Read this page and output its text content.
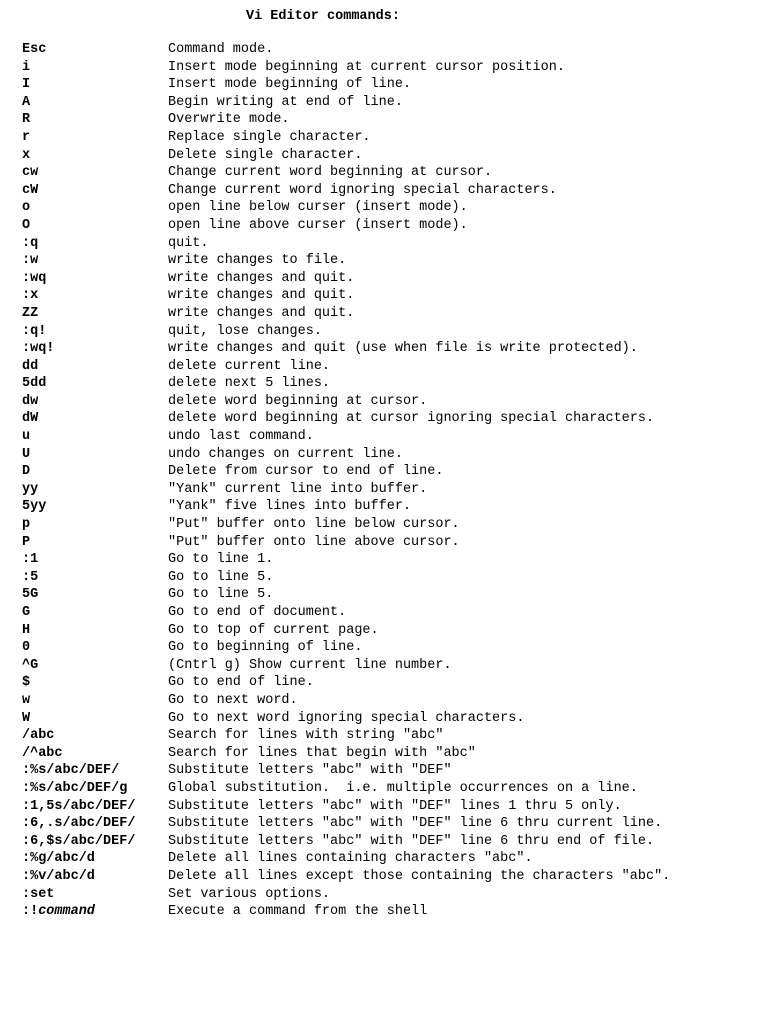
Vi Editor commands:
Esc	Command mode.
i	Insert mode beginning at current cursor position.
I	Insert mode beginning of line.
A	Begin writing at end of line.
R	Overwrite mode.
r	Replace single character.
x	Delete single character.
cw	Change current word beginning at cursor.
cW	Change current word ignoring special characters.
o	open line below curser (insert mode).
O	open line above curser (insert mode).
:q	quit.
:w	write changes to file.
:wq	write changes and quit.
:x	write changes and quit.
ZZ	write changes and quit.
:q!	quit, lose changes.
:wq!	write changes and quit (use when file is write protected).
dd	delete current line.
5dd	delete next 5 lines.
dw	delete word beginning at cursor.
dW	delete word beginning at cursor ignoring special characters.
u	undo last command.
U	undo changes on current line.
D	Delete from cursor to end of line.
yy	"Yank" current line into buffer.
5yy	"Yank" five lines into buffer.
p	"Put" buffer onto line below cursor.
P	"Put" buffer onto line above cursor.
:1	Go to line 1.
:5	Go to line 5.
5G	Go to line 5.
G	Go to end of document.
H	Go to top of current page.
0	Go to beginning of line.
^G	(Cntrl g) Show current line number.
$	Go to end of line.
w	Go to next word.
W	Go to next word ignoring special characters.
/abc	Search for lines with string "abc"
/^abc	Search for lines that begin with "abc"
:%s/abc/DEF/	Substitute letters "abc" with "DEF"
:%s/abc/DEF/g	Global substitution.  i.e. multiple occurrences on a line.
:1,5s/abc/DEF/	Substitute letters "abc" with "DEF" lines 1 thru 5 only.
:6,.s/abc/DEF/	Substitute letters "abc" with "DEF" line 6 thru current line.
:6,$s/abc/DEF/	Substitute letters "abc" with "DEF" line 6 thru end of file.
:%g/abc/d	Delete all lines containing characters "abc".
:%v/abc/d	Delete all lines except those containing the characters "abc".
:set	Set various options.
:!command	Execute a command from the shell
